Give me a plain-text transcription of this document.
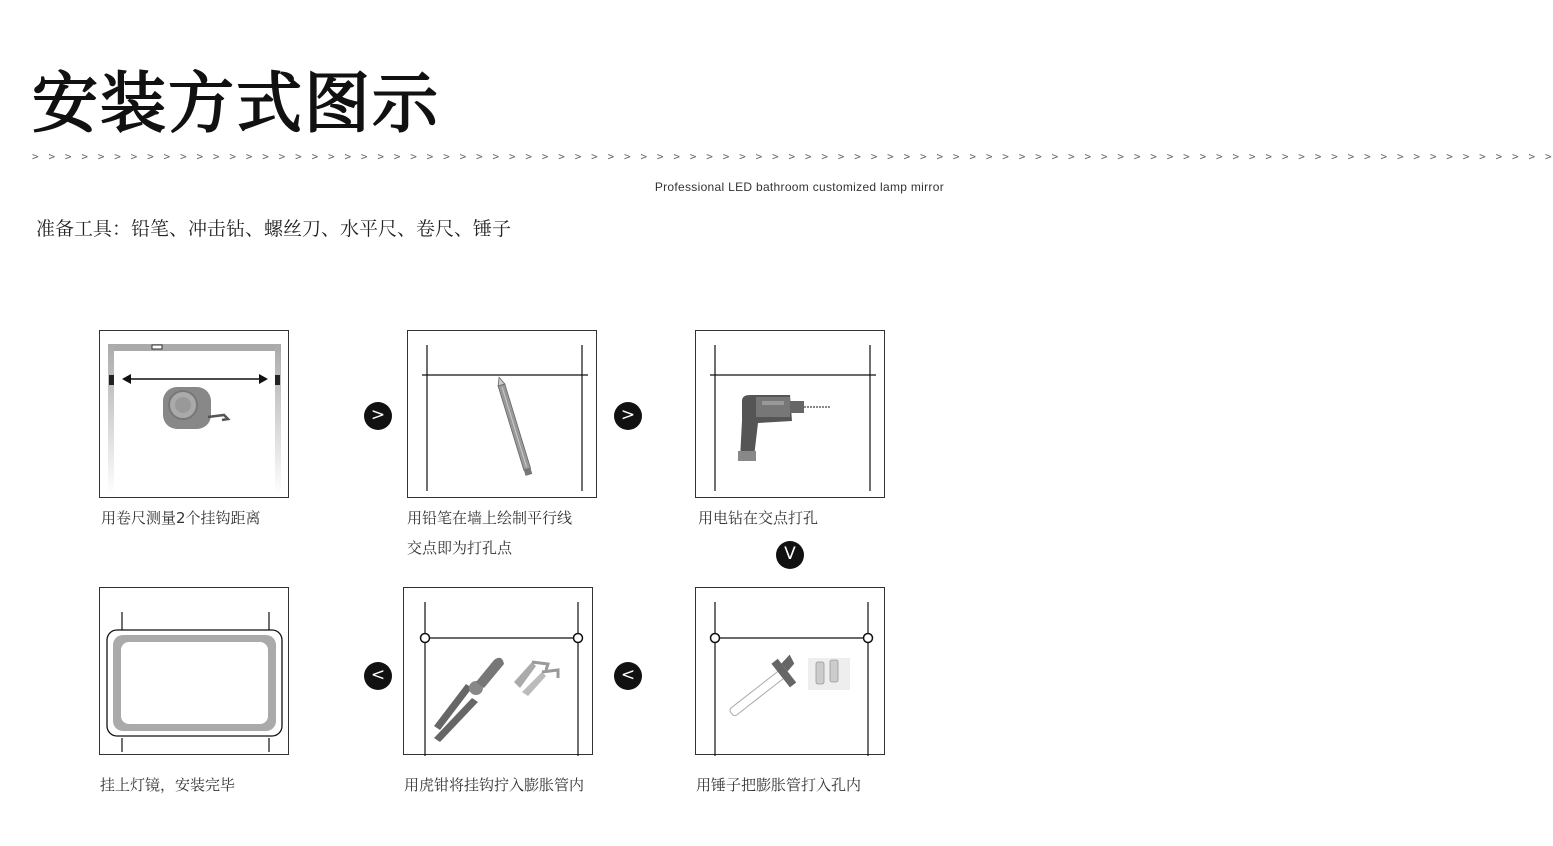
安装方式图示
> > > > > > > > > > > > > > > > > > > > > > > > > > > > > > > > > > > > > > > > > > > > > > > > > > > > > > > > > > > > > > > > > > > > > > > > > > > > > > > > > > > > > > > > > > > > >
Professional LED bathroom customized lamp mirror
准备工具：铅笔、冲击钻、螺丝刀、水平尺、卷尺、锤子
用卷尺测量2个挂钩距离
>
用铅笔在墙上绘制平行线
交点即为打孔点
>
用电钻在交点打孔
V
用锤子把膨胀管打入孔内
<
用虎钳将挂钩拧入膨胀管内
<
挂上灯镜，安装完毕
